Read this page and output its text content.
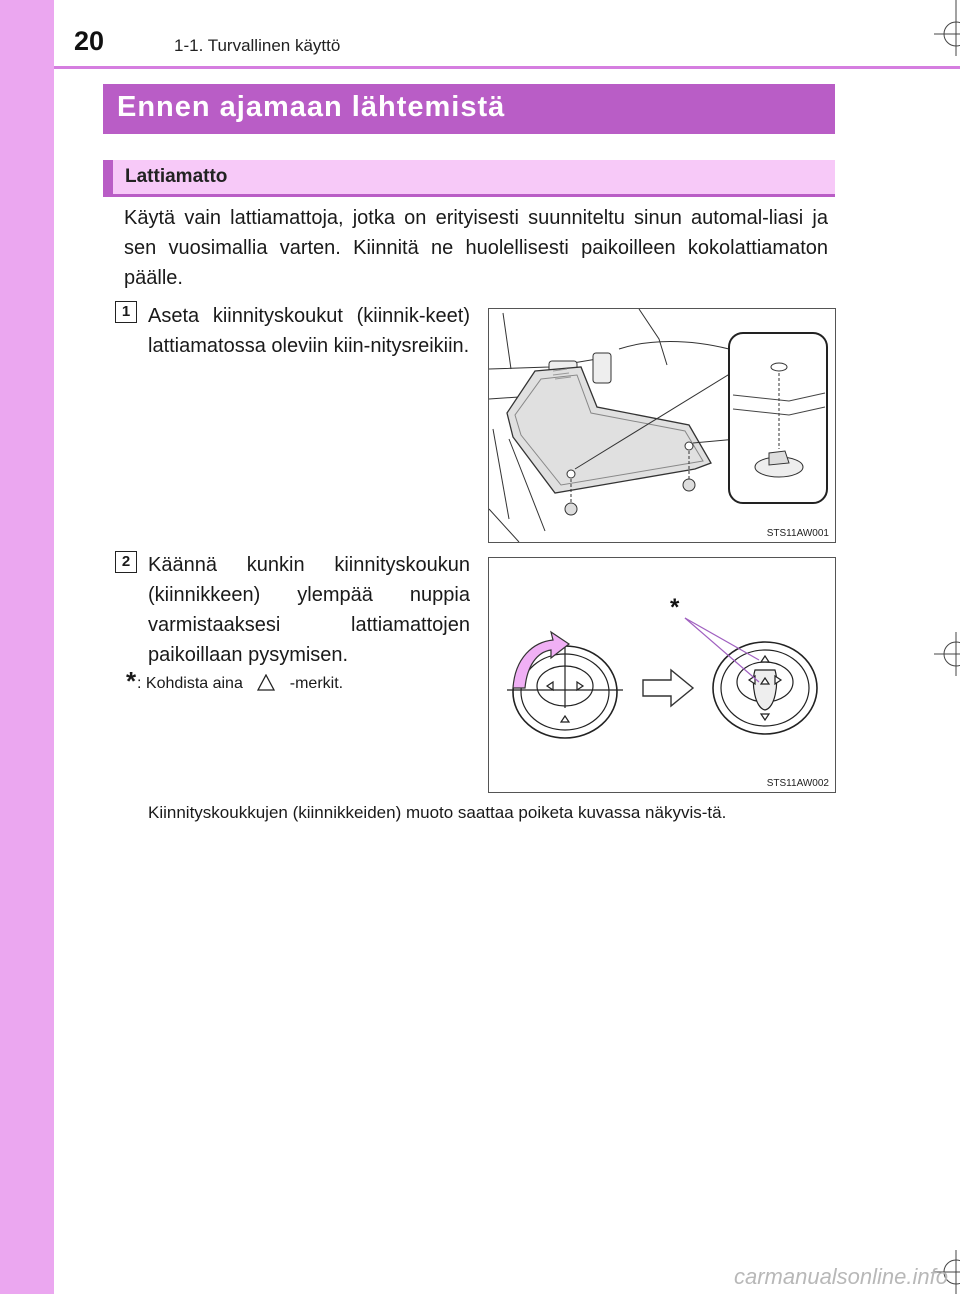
20	1-1. Turvallinen käyttö
Ennen ajamaan lähtemistä
Lattiamatto
Käytä vain lattiamattoja, jotka on erityisesti suunniteltu sinun automal-liasi ja sen vuosimallia varten. Kiinnitä ne huolellisesti paikoilleen kokolattiamaton päälle.
1 Aseta kiinnityskoukut (kiinnik-keet) lattiamatossa oleviin kiin-nitysreikiin.
2 Käännä kunkin kiinnityskoukun (kiinnikkeen) ylempää nuppia varmistaaksesi lattiamattojen paikoillaan pysymisen.
* : Kohdista aina	-merkit.
Kiinnityskoukkujen (kiinnikkeiden) muoto saattaa poiketa kuvassa näkyvis-tä.
STS11AW001
*
STS11AW002
carmanualsonline.info
